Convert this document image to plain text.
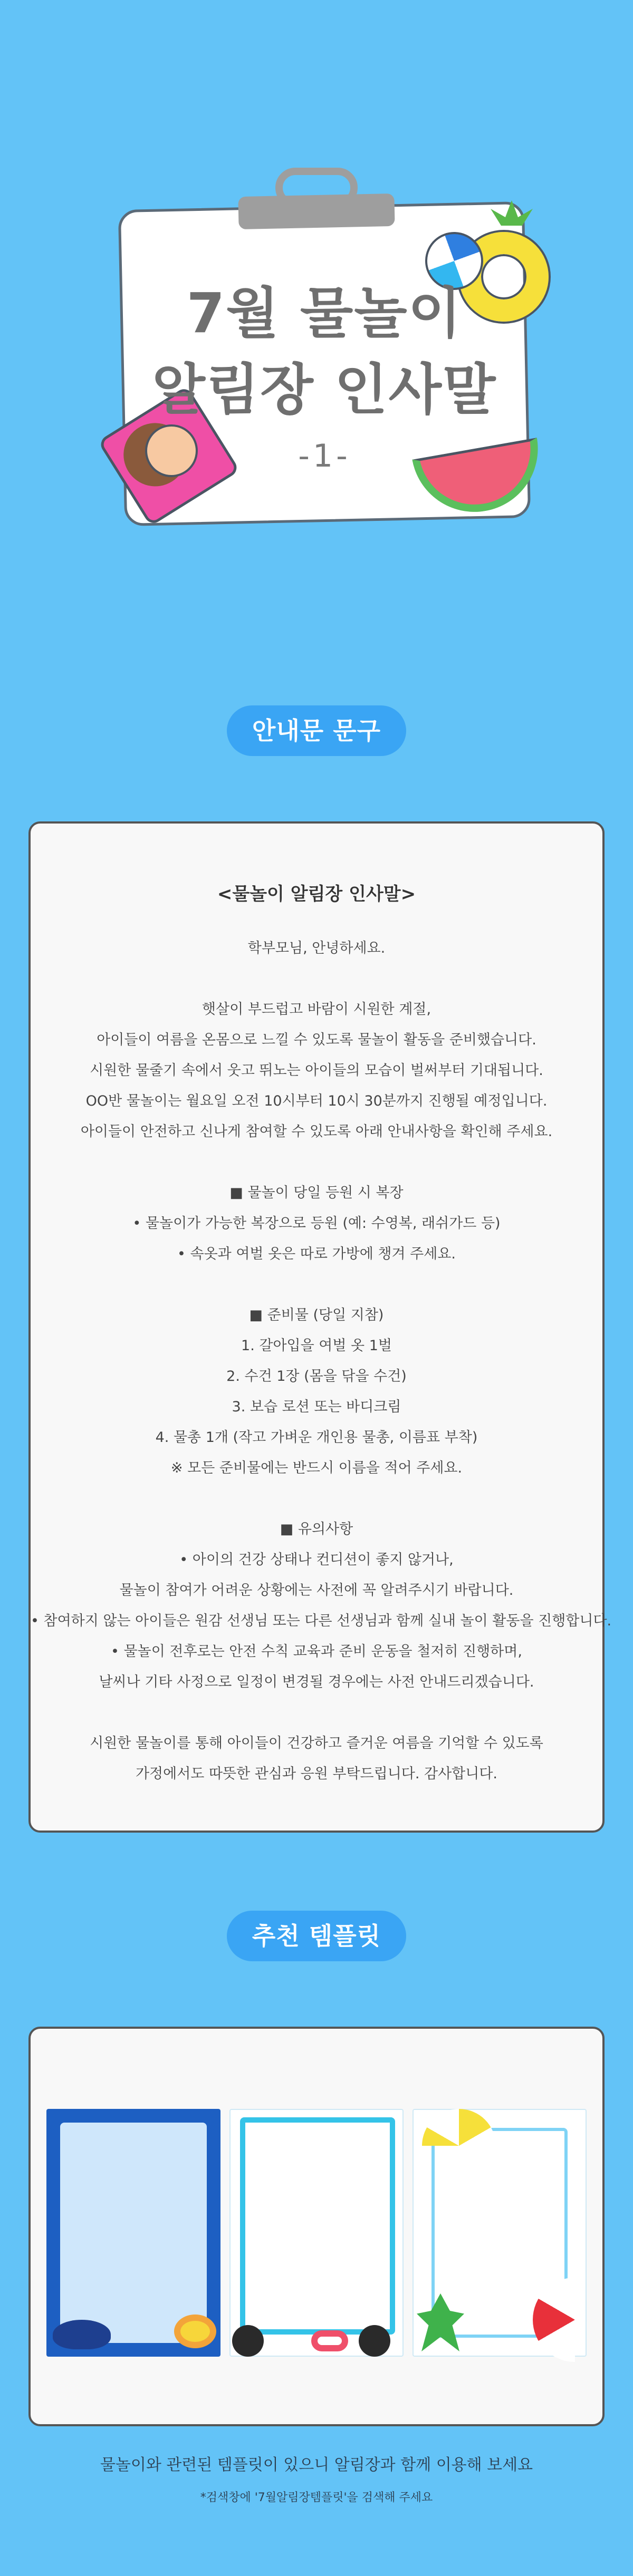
7월 물놀이
알림장 인사말
-1-
안내문 문구
<물놀이 알림장 인사말>
학부모님, 안녕하세요.
햇살이 부드럽고 바람이 시원한 계절,
아이들이 여름을 온몸으로 느낄 수 있도록 물놀이 활동을 준비했습니다.
시원한 물줄기 속에서 웃고 뛰노는 아이들의 모습이 벌써부터 기대됩니다.
OO반 물놀이는 월요일 오전 10시부터 10시 30분까지 진행될 예정입니다.
아이들이 안전하고 신나게 참여할 수 있도록 아래 안내사항을 확인해 주세요.
■ 물놀이 당일 등원 시 복장
• 물놀이가 가능한 복장으로 등원 (예: 수영복, 래쉬가드 등)
• 속옷과 여벌 옷은 따로 가방에 챙겨 주세요.
■ 준비물 (당일 지참)
1. 갈아입을 여벌 옷 1벌
2. 수건 1장 (몸을 닦을 수건)
3. 보습 로션 또는 바디크림
4. 물총 1개 (작고 가벼운 개인용 물총, 이름표 부착)
※ 모든 준비물에는 반드시 이름을 적어 주세요.
■ 유의사항
• 아이의 건강 상태나 컨디션이 좋지 않거나,
물놀이 참여가 어려운 상황에는 사전에 꼭 알려주시기 바랍니다.
• 참여하지 않는 아이들은 원감 선생님 또는 다른 선생님과 함께 실내 놀이 활동을 진행합니다.
• 물놀이 전후로는 안전 수칙 교육과 준비 운동을 철저히 진행하며,
날씨나 기타 사정으로 일정이 변경될 경우에는 사전 안내드리겠습니다.
시원한 물놀이를 통해 아이들이 건강하고 즐거운 여름을 기억할 수 있도록
가정에서도 따뜻한 관심과 응원 부탁드립니다. 감사합니다.
추천 템플릿
물놀이와 관련된 템플릿이 있으니 알림장과 함께 이용해 보세요
*검색창에 '7월알림장템플릿'을 검색해 주세요
